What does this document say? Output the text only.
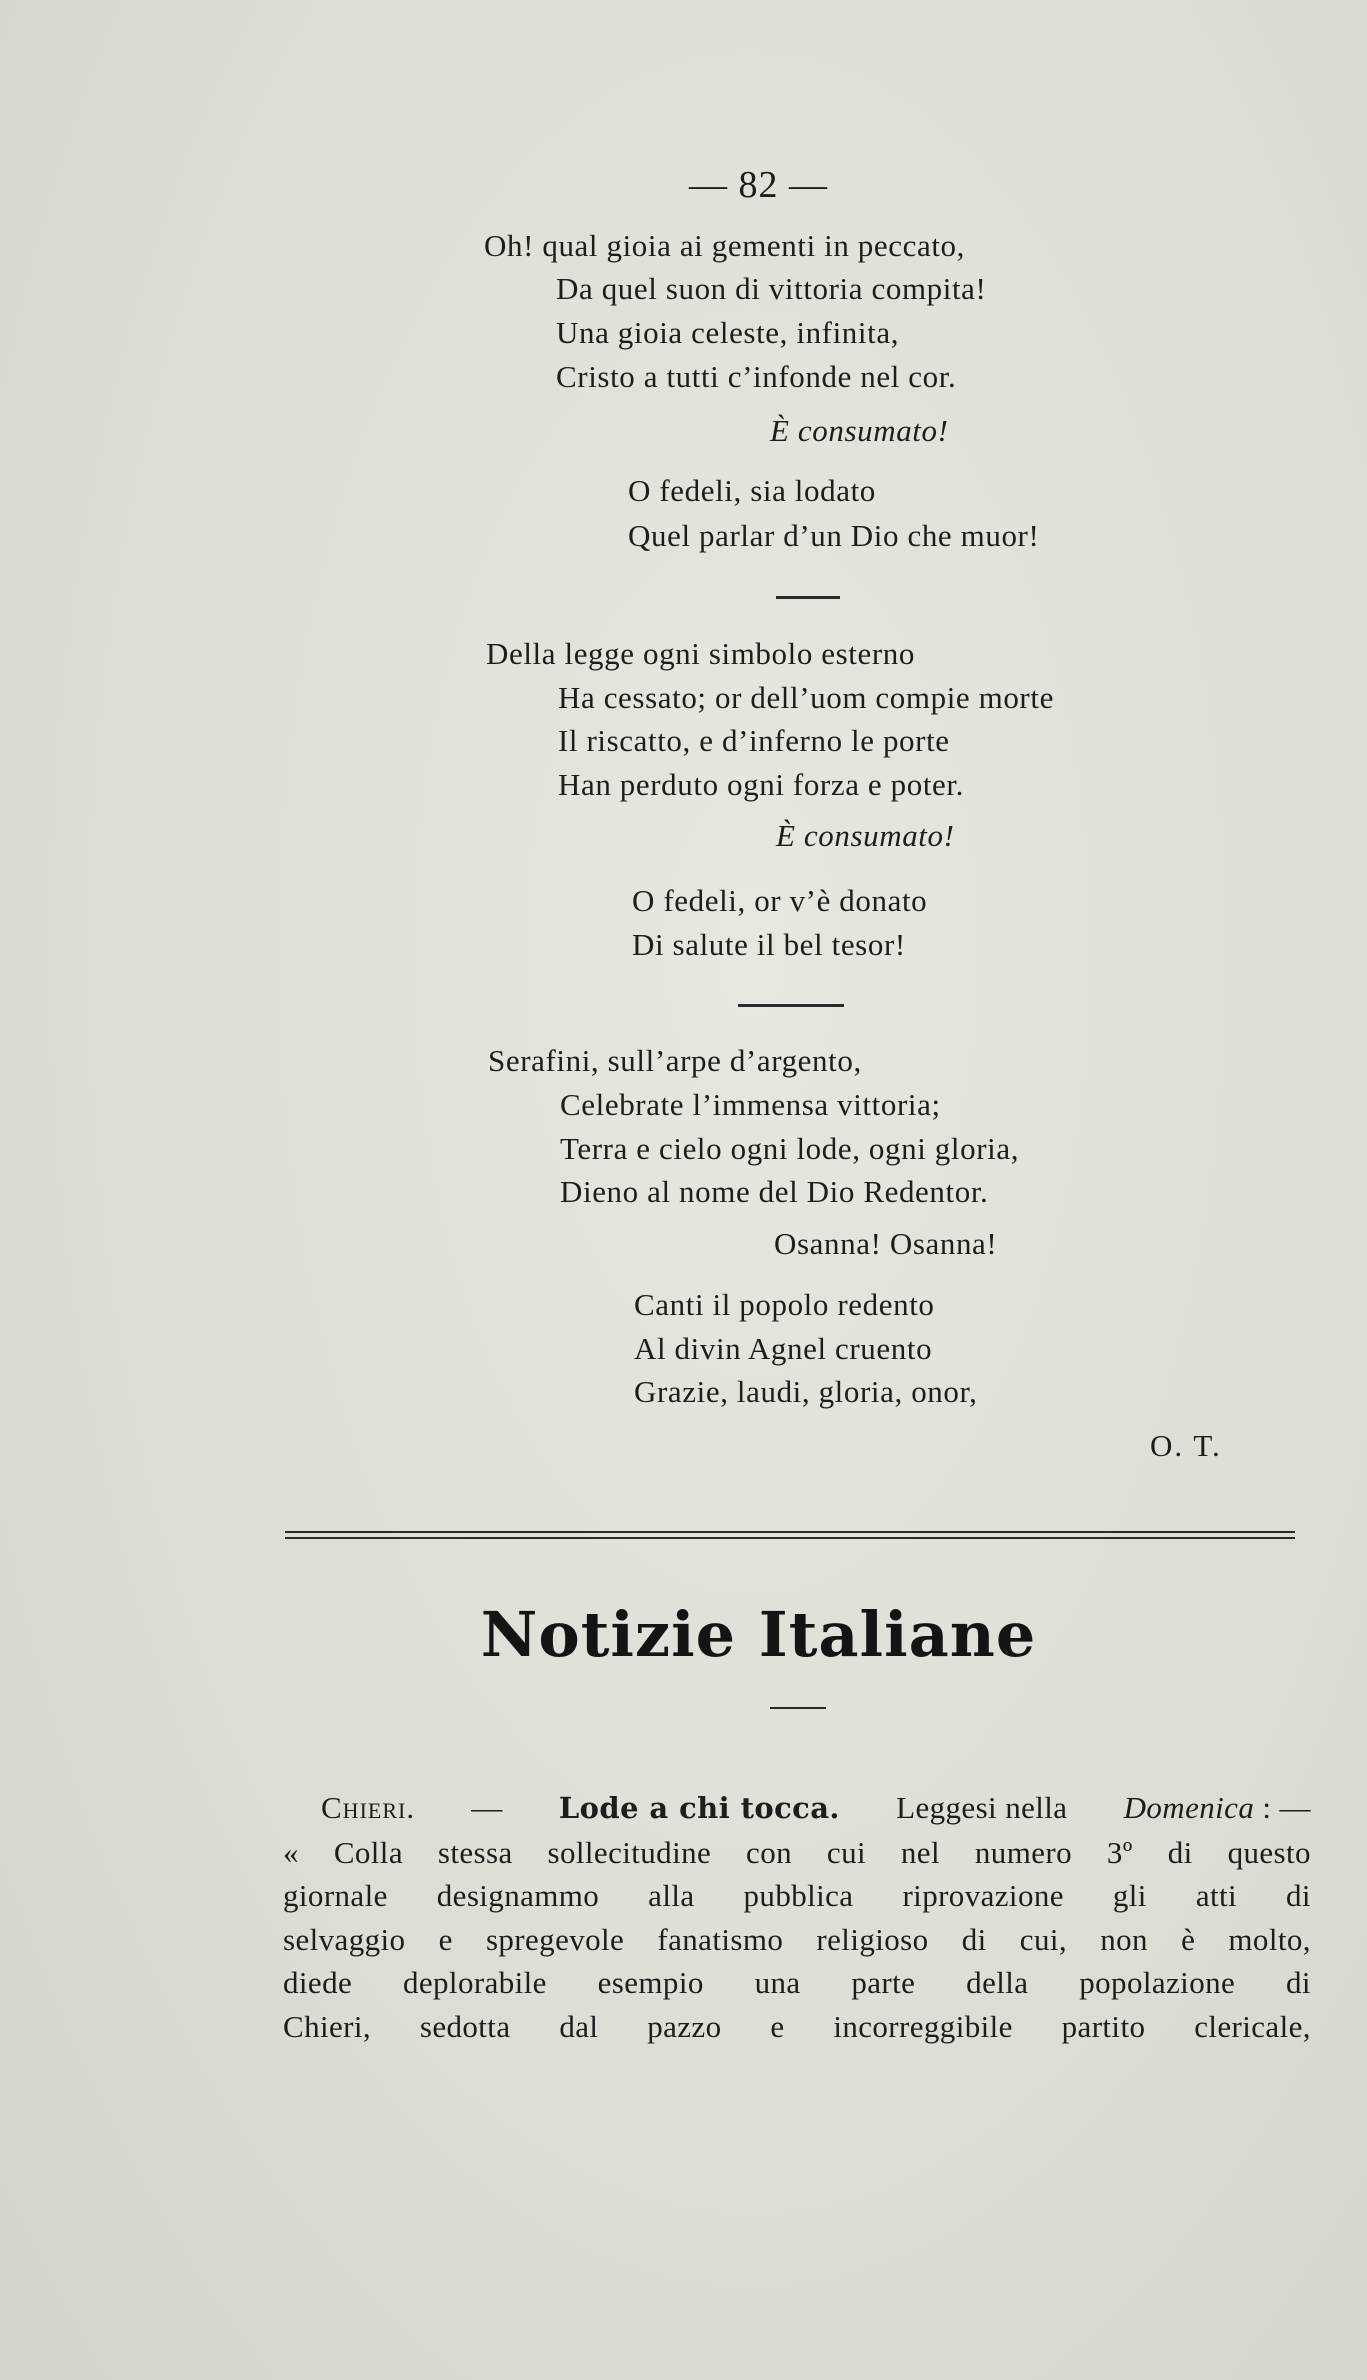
— 82 —
Oh! qual gioia ai gementi in peccato,
Da quel suon di vittoria compita!
Una gioia celeste, infinita,
Cristo a tutti c’infonde nel cor.
È consumato!
O fedeli, sia lodato
Quel parlar d’un Dio che muor!
Della legge ogni simbolo esterno
Ha cessato; or dell’uom compie morte
Il riscatto, e d’inferno le porte
Han perduto ogni forza e poter.
È consumato!
O fedeli, or v’è donato
Di salute il bel tesor!
Serafini, sull’arpe d’argento,
Celebrate l’immensa vittoria;
Terra e cielo ogni lode, ogni gloria,
Dieno al nome del Dio Redentor.
Osanna! Osanna!
Canti il popolo redento
Al divin Agnel cruento
Grazie, laudi, gloria, onor,
O. T.
Notizie Italiane
Chieri. — Lode a chi tocca. Leggesi nella Domenica : —
« Colla stessa sollecitudine con cui nel numero 3º di questo
giornale designammo alla pubblica riprovazione gli atti di
selvaggio e spregevole fanatismo religioso di cui, non è molto,
diede deplorabile esempio una parte della popolazione di
Chieri, sedotta dal pazzo e incorreggibile partito clericale,
